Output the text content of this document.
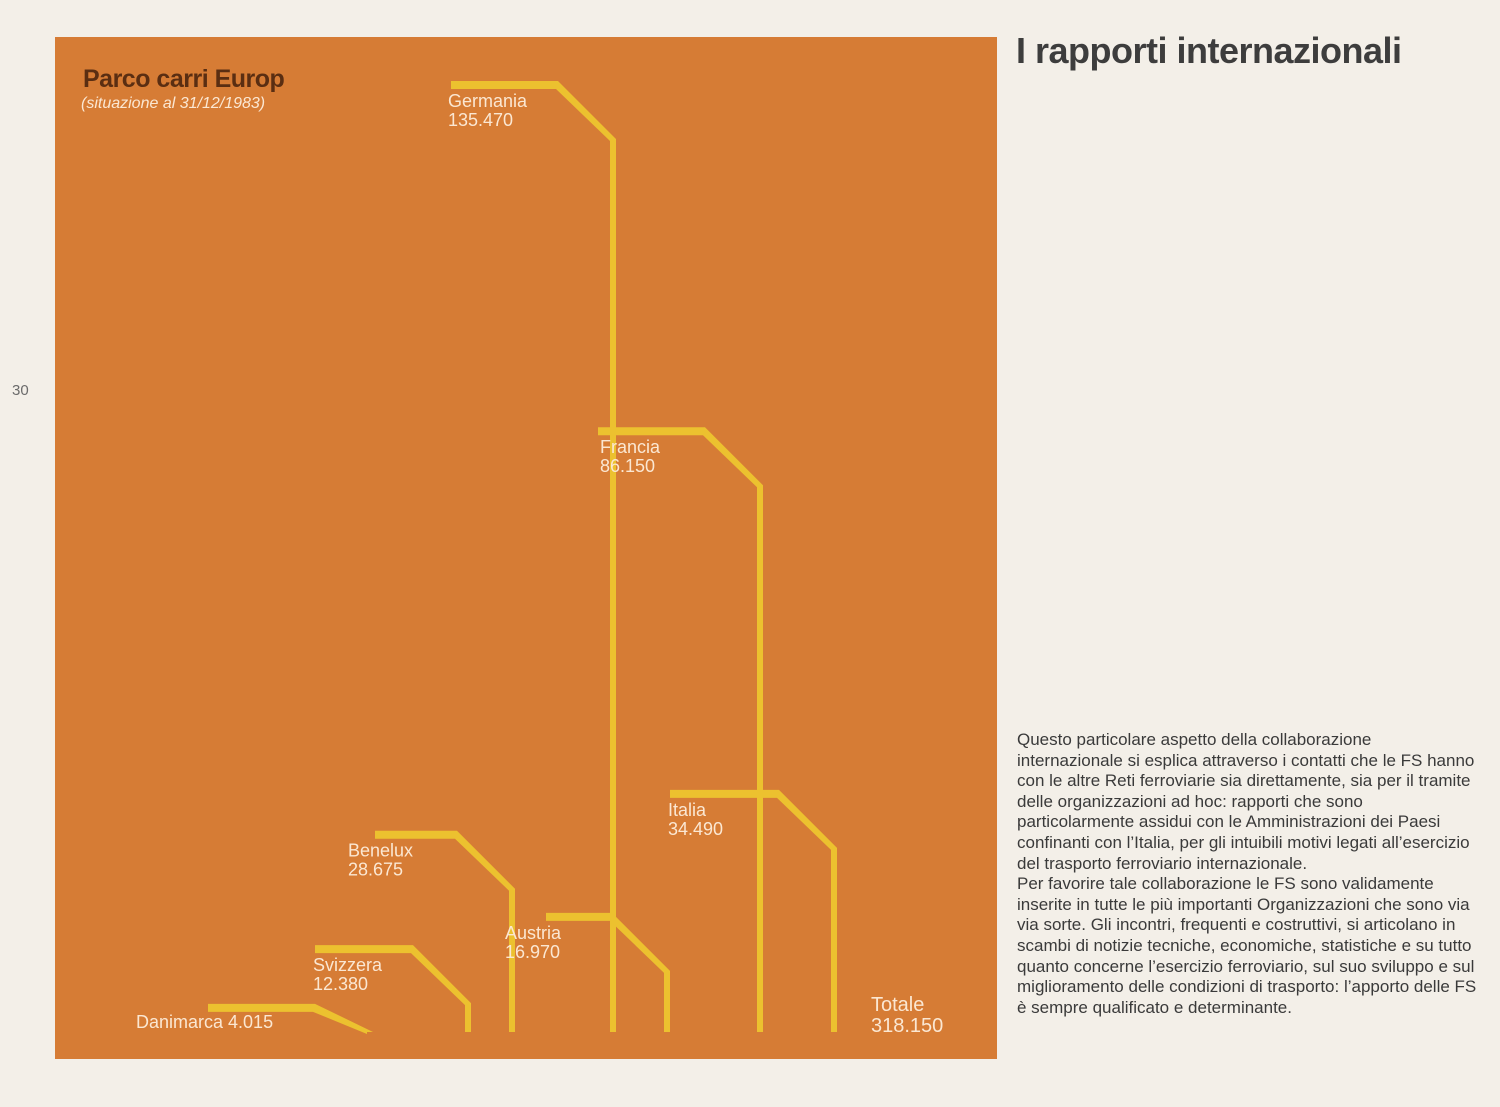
30
Danimarca 4.015
Svizzera
12.380
Benelux
28.675
Germania
135.470
Francia
86.150
Austria
16.970
Italia
34.490
Totale
318.150
Parco carri Europ
(situazione al 31/12/1983)
I rapporti internazionali

Questo particolare aspetto della collaborazione internazionale si esplica attraverso i contatti che le FS hanno con le altre Reti ferroviarie sia direttamente, sia per il tramite delle organizzazioni ad hoc: rapporti che sono particolarmente assidui con le Amministrazioni dei Paesi confinanti con l’Italia, per gli intuibili motivi legati all’esercizio del trasporto ferroviario internazionale.

Per favorire tale collaborazione le FS sono validamente inserite in tutte le più importanti Organizzazioni che sono via via sorte. Gli incontri, frequenti e costruttivi, si articolano in scambi di notizie tecniche, economiche, statistiche e su tutto quanto concerne l’esercizio ferroviario, sul suo sviluppo e sul miglioramento delle condizioni di trasporto: l’apporto delle FS è sempre qualificato e determinante.
